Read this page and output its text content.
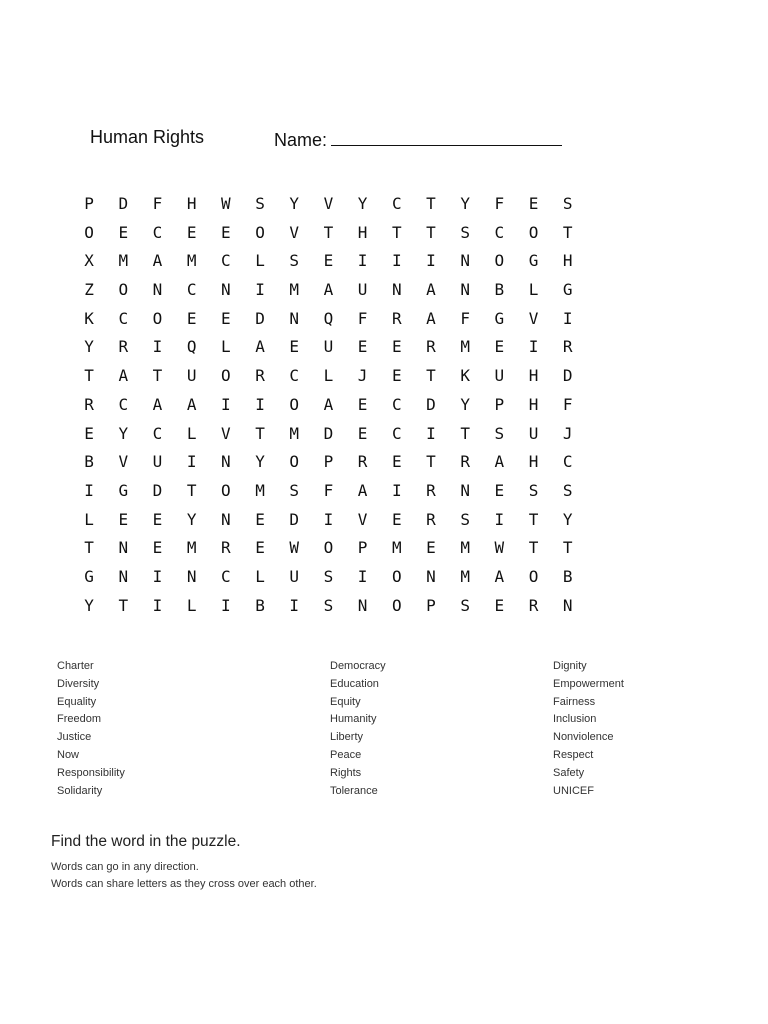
Human Rights	Name:
P	D	F	H	W	S	Y	V	Y	C	T	Y	F	E	S
O	E	C	E	E	O	V	T	H	T	T	S	C	O	T
X	M	A	M	C	L	S	E	I	I	I	N	O	G	H
Z	O	N	C	N	I	M	A	U	N	A	N	B	L	G
K	C	O	E	E	D	N	Q	F	R	A	F	G	V	I
Y	R	I	Q	L	A	E	U	E	E	R	M	E	I	R
T	A	T	U	O	R	C	L	J	E	T	K	U	H	D
R	C	A	A	I	I	O	A	E	C	D	Y	P	H	F
E	Y	C	L	V	T	M	D	E	C	I	T	S	U	J
B	V	U	I	N	Y	O	P	R	E	T	R	A	H	C
I	G	D	T	O	M	S	F	A	I	R	N	E	S	S
L	E	E	Y	N	E	D	I	V	E	R	S	I	T	Y
T	N	E	M	R	E	W	O	P	M	E	M	W	T	T
G	N	I	N	C	L	U	S	I	O	N	M	A	O	B
Y	T	I	L	I	B	I	S	N	O	P	S	E	R	N
Charter
Diversity
Equality
Freedom
Justice
Now
Responsibility
Solidarity
Democracy
Education
Equity
Humanity
Liberty
Peace
Rights
Tolerance
Dignity
Empowerment
Fairness
Inclusion
Nonviolence
Respect
Safety
UNICEF
Find the word in the puzzle.
Words can go in any direction.
Words can share letters as they cross over each other.
